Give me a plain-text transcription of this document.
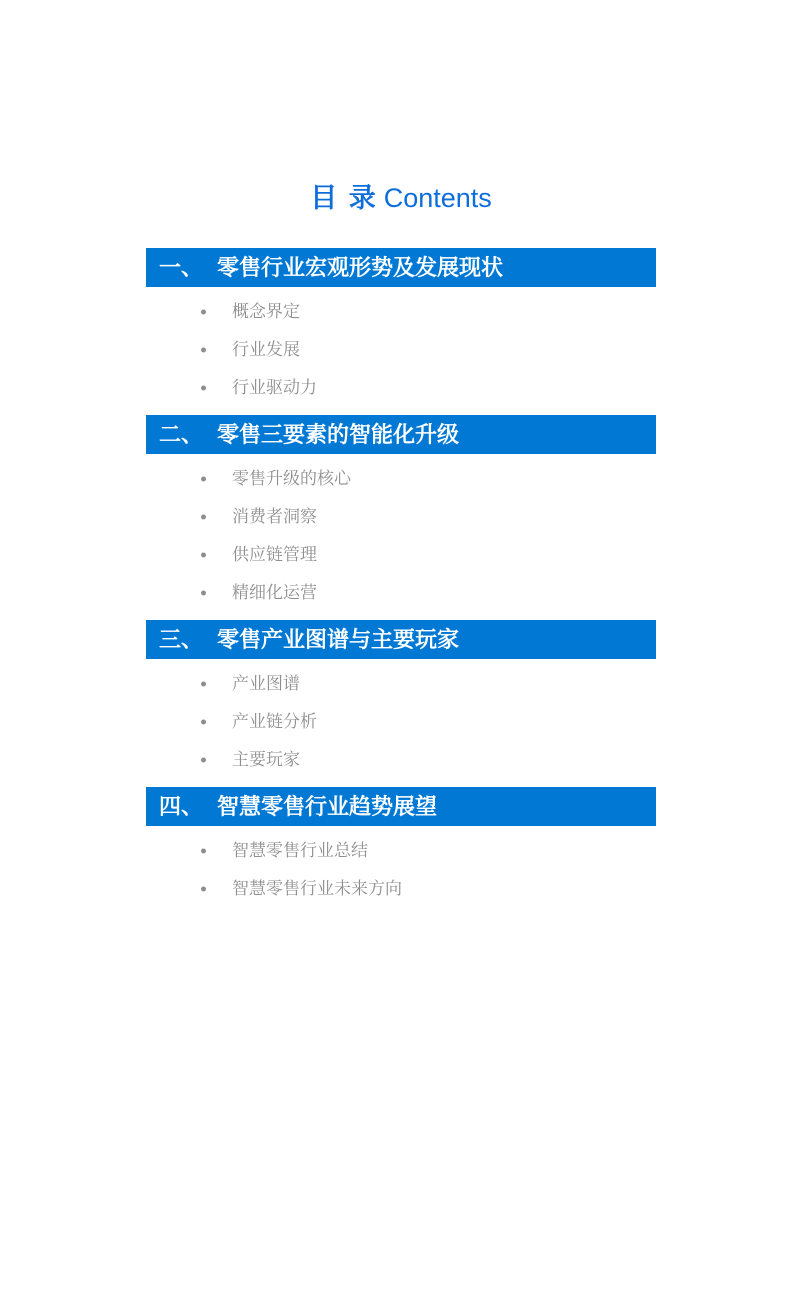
目 录 Contents
一、 零售行业宏观形势及发展现状
概念界定
行业发展
行业驱动力
二、 零售三要素的智能化升级
零售升级的核心
消费者洞察
供应链管理
精细化运营
三、 零售产业图谱与主要玩家
产业图谱
产业链分析
主要玩家
四、 智慧零售行业趋势展望
智慧零售行业总结
智慧零售行业未来方向
